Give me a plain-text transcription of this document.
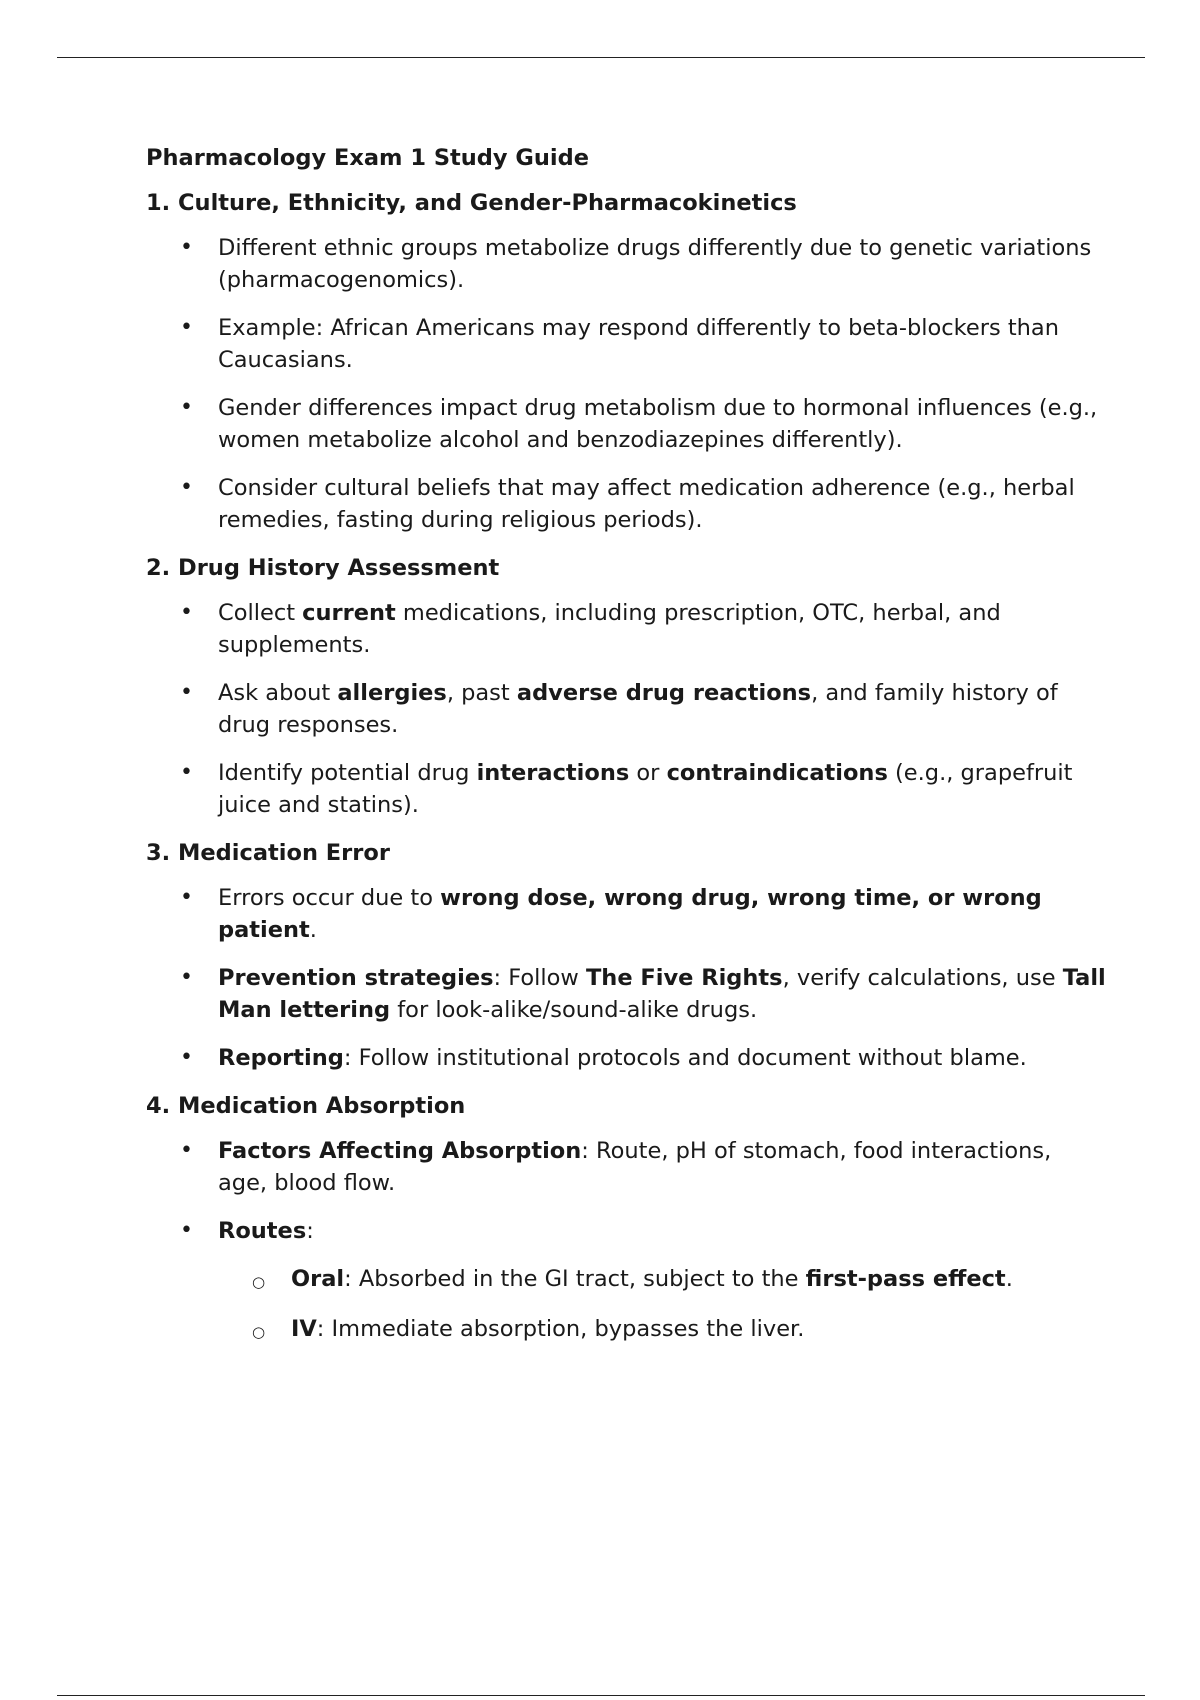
Pharmacology Exam 1 Study Guide
1. Culture, Ethnicity, and Gender-Pharmacokinetics
• Different ethnic groups metabolize drugs differently due to genetic variations (pharmacogenomics).
• Example: African Americans may respond differently to beta-blockers than Caucasians.
• Gender differences impact drug metabolism due to hormonal influences (e.g., women metabolize alcohol and benzodiazepines differently).
• Consider cultural beliefs that may affect medication adherence (e.g., herbal remedies, fasting during religious periods).
2. Drug History Assessment
• Collect current medications, including prescription, OTC, herbal, and supplements.
• Ask about allergies, past adverse drug reactions, and family history of drug responses.
• Identify potential drug interactions or contraindications (e.g., grapefruit juice and statins).
3. Medication Error
• Errors occur due to wrong dose, wrong drug, wrong time, or wrong patient.
• Prevention strategies: Follow The Five Rights, verify calculations, use Tall Man lettering for look-alike/sound-alike drugs.
• Reporting: Follow institutional protocols and document without blame.
4. Medication Absorption
• Factors Affecting Absorption: Route, pH of stomach, food interactions, age, blood flow.
• Routes:
○ Oral: Absorbed in the GI tract, subject to the first-pass effect.
○ IV: Immediate absorption, bypasses the liver.
